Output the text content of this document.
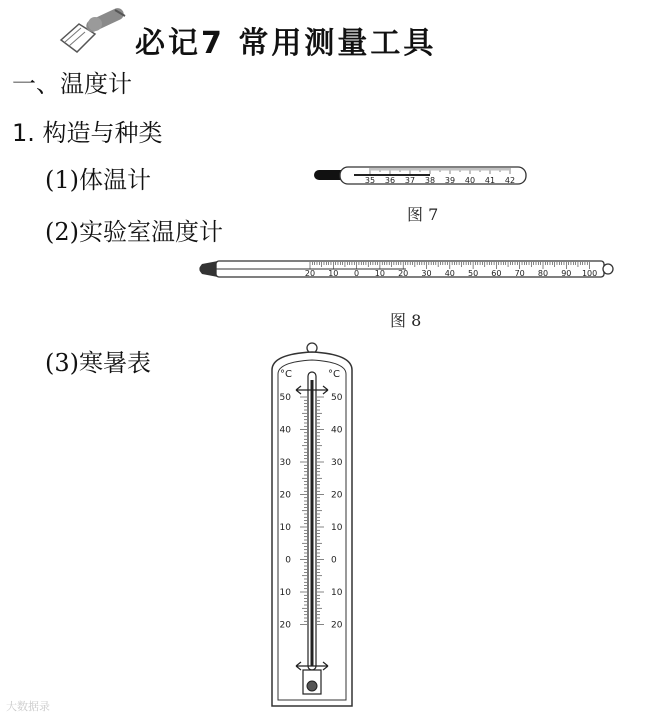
必记7 常用测量工具
一、温度计
1. 构造与种类
(1)体温计
(2)实验室温度计
(3)寒暑表
35 36 37 38 39 40 41 42
图 7
20 10 0 10 20 30 40 50 60 70 80 90 100
图 8
°C	°C
50	50
40	40
30	30
20	20
10	10
0	0
10	10
20	20
大数据录
